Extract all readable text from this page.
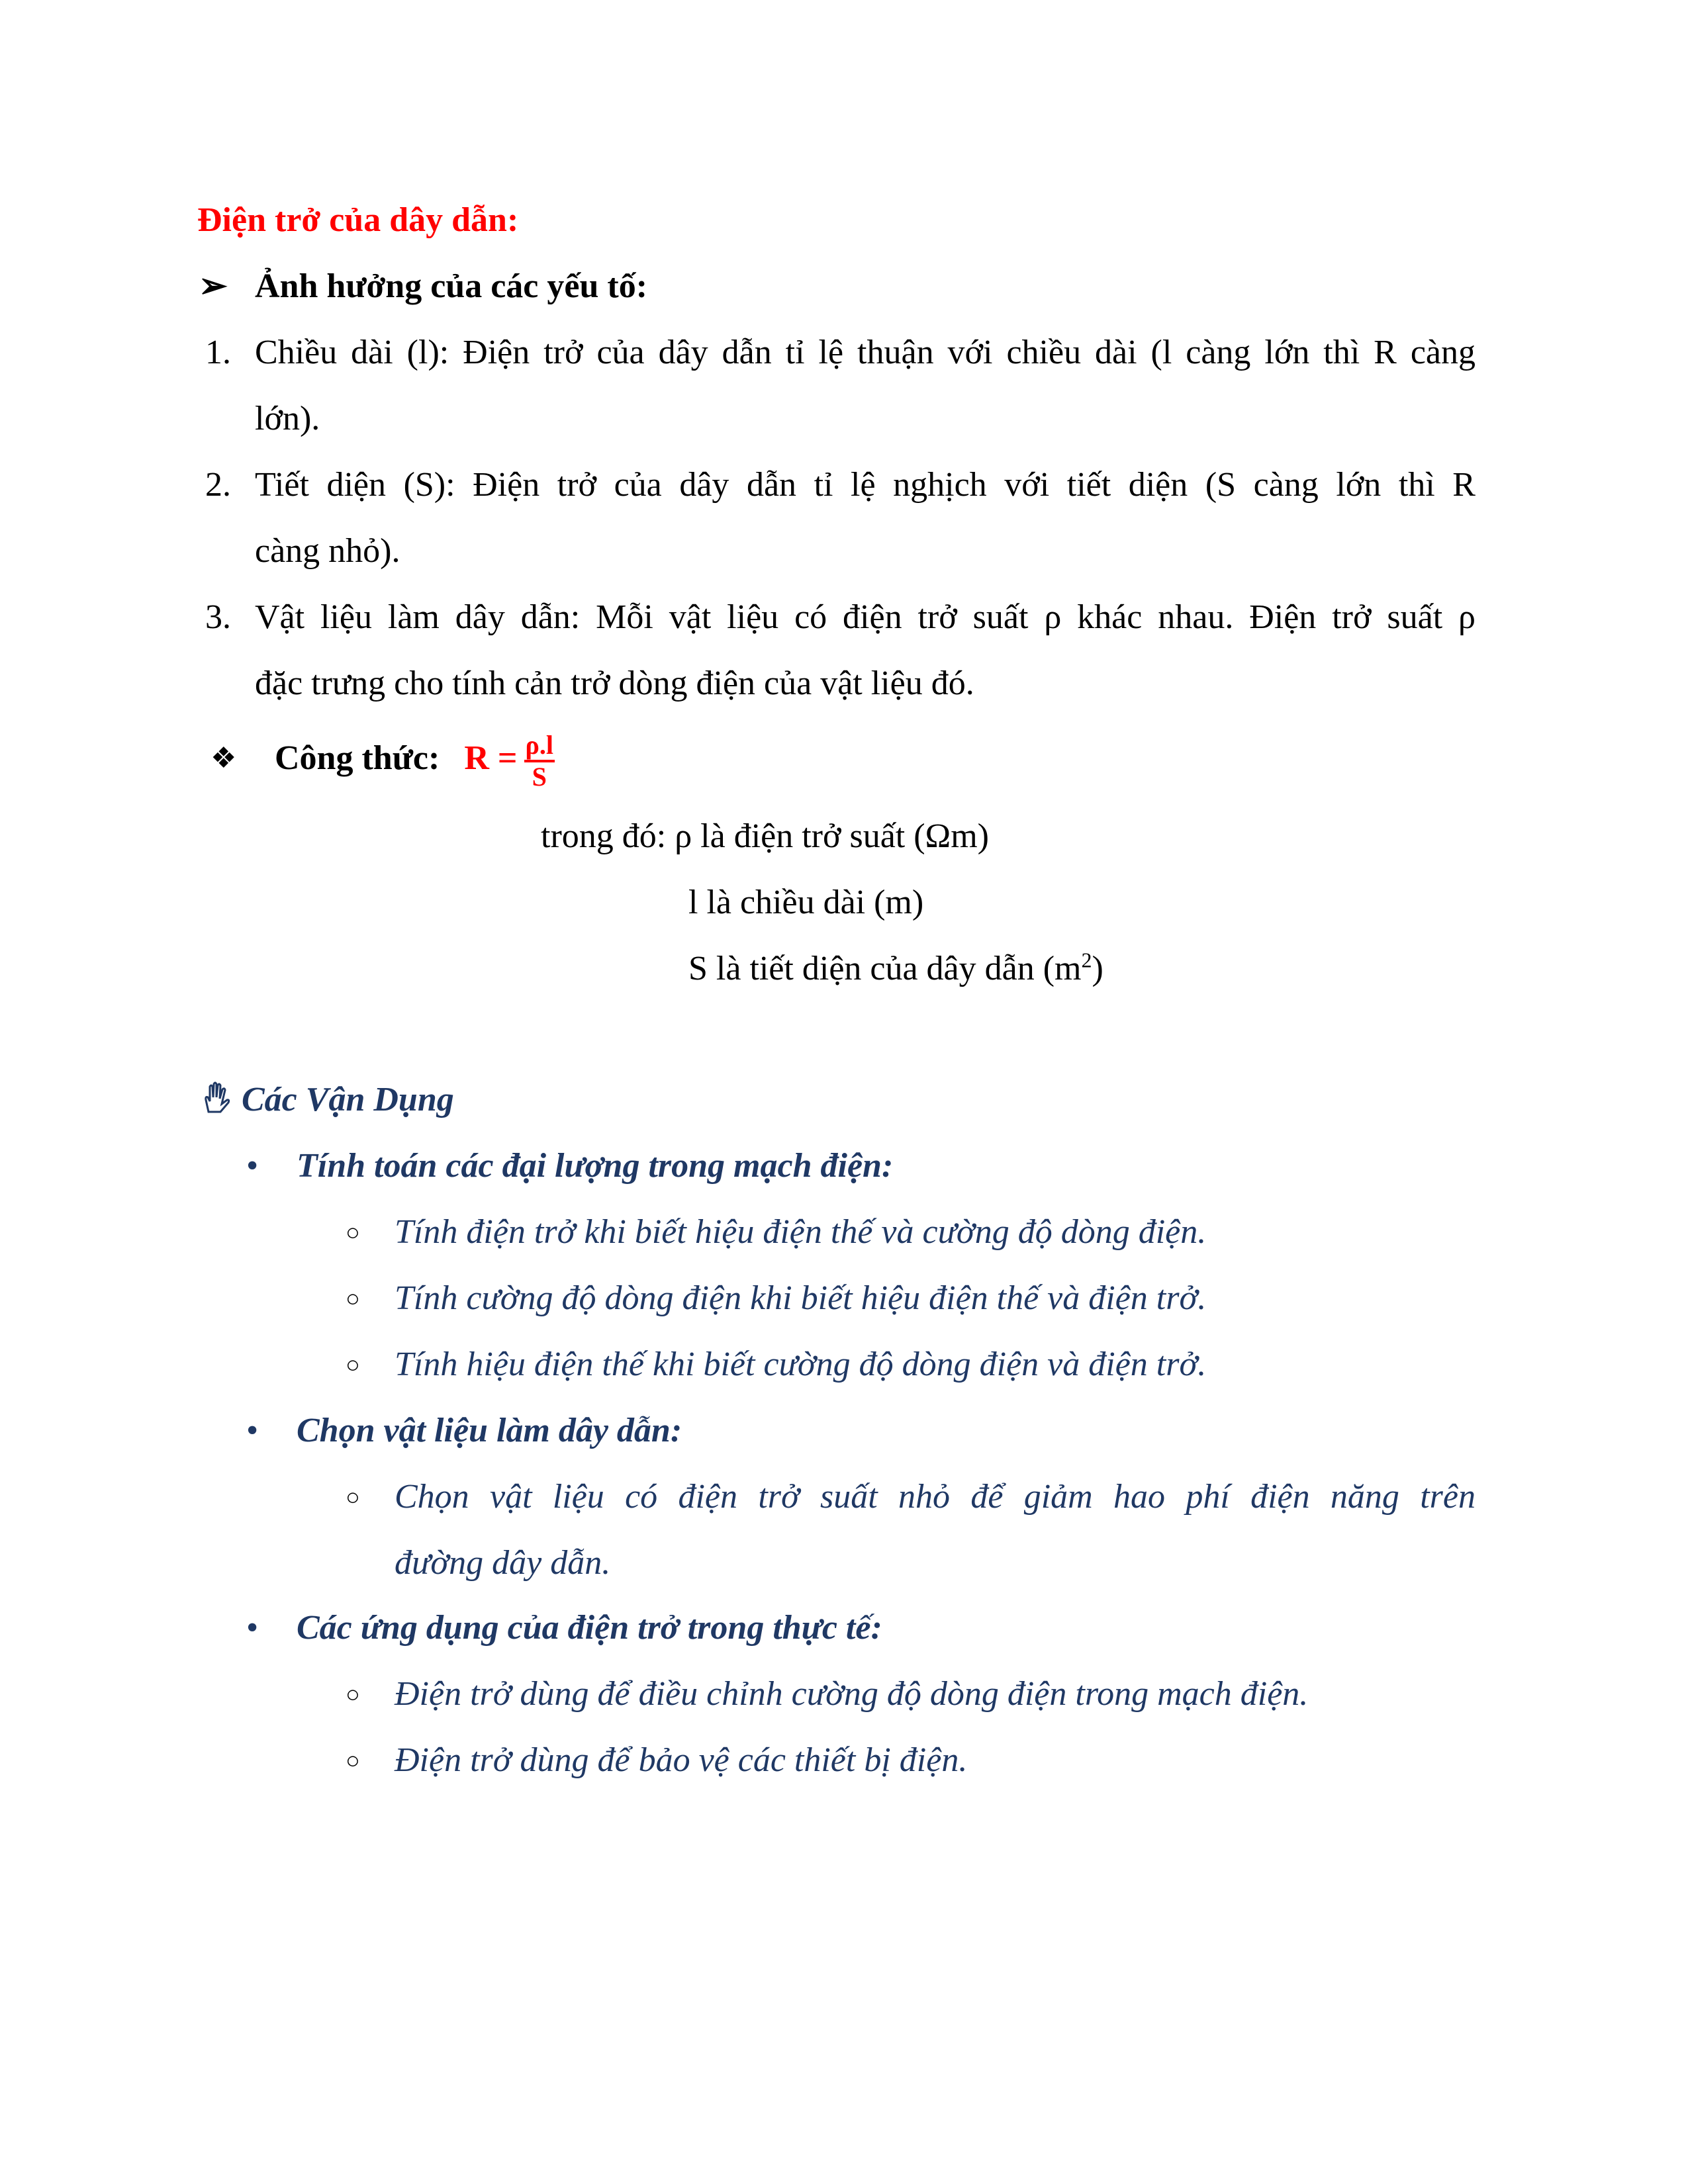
Điện trở của dây dẫn:
➢ Ảnh hưởng của các yếu tố:
1. Chiều dài (l): Điện trở của dây dẫn tỉ lệ thuận với chiều dài (l càng lớn thì R càng
lớn).
2. Tiết diện (S): Điện trở của dây dẫn tỉ lệ nghịch với tiết diện (S càng lớn thì R
càng nhỏ).
3. Vật liệu làm dây dẫn: Mỗi vật liệu có điện trở suất ρ khác nhau. Điện trở suất ρ
đặc trưng cho tính cản trở dòng điện của vật liệu đó.
❖ Công thức: $R = \frac{\rho.l}{S}$
trong đó: ρ là điện trở suất (Ωm)
l là chiều dài (m)
S là tiết diện của dây dẫn $(m^2)$
Các Vận Dụng
• Tính toán các đại lượng trong mạch điện:
○ Tính điện trở khi biết hiệu điện thế và cường độ dòng điện.
○ Tính cường độ dòng điện khi biết hiệu điện thế và điện trở.
○ Tính hiệu điện thế khi biết cường độ dòng điện và điện trở.
• Chọn vật liệu làm dây dẫn:
○ Chọn vật liệu có điện trở suất nhỏ để giảm hao phí điện năng trên
đường dây dẫn.
• Các ứng dụng của điện trở trong thực tế:
○ Điện trở dùng để điều chỉnh cường độ dòng điện trong mạch điện.
○ Điện trở dùng để bảo vệ các thiết bị điện.
